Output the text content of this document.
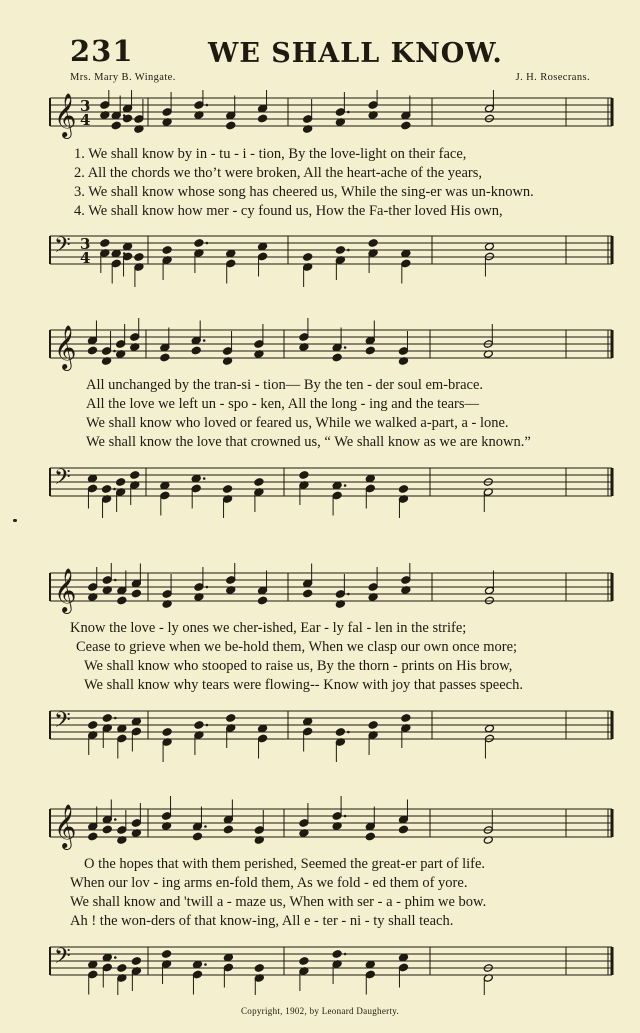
231	WE SHALL KNOW.
Mrs. Mary B. Wingate.	J. H. Rosecrans.
𝄞 3
4
𝄢 3
4
1. We shall know by in - tu - i - tion, By the love-light on their face,
2. All the chords we tho’t were broken, All the heart-ache of the years,
3. We shall know whose song has cheered us, While the sing-er was un-known.
4. We shall know how mer - cy found us, How the Fa-ther loved His own,
𝄞
𝄢
All unchanged by the tran-si - tion— By the ten - der soul em-brace.
All the love we left un - spo - ken, All the long - ing and the tears—
We shall know who loved or feared us, While we walked a-part, a - lone.
We shall know the love that crowned us, “ We shall know as we are known.”
𝄞
𝄢
Know the love - ly ones we cher-ished, Ear - ly fal - len in the strife;
Cease to grieve when we be-hold them, When we clasp our own once more;
We shall know who stooped to raise us, By the thorn - prints on His brow,
We shall know why tears were flowing-- Know with joy that passes speech.
𝄞
𝄢
O the hopes that with them perished, Seemed the great-er part of life.
When our lov - ing arms en-fold them, As we fold - ed them of yore.
We shall know and 'twill a - maze us, When with ser - a - phim we bow.
Ah ! the won-ders of that know-ing, All e - ter - ni - ty shall teach.
Copyright, 1902, by Leonard Daugherty.
